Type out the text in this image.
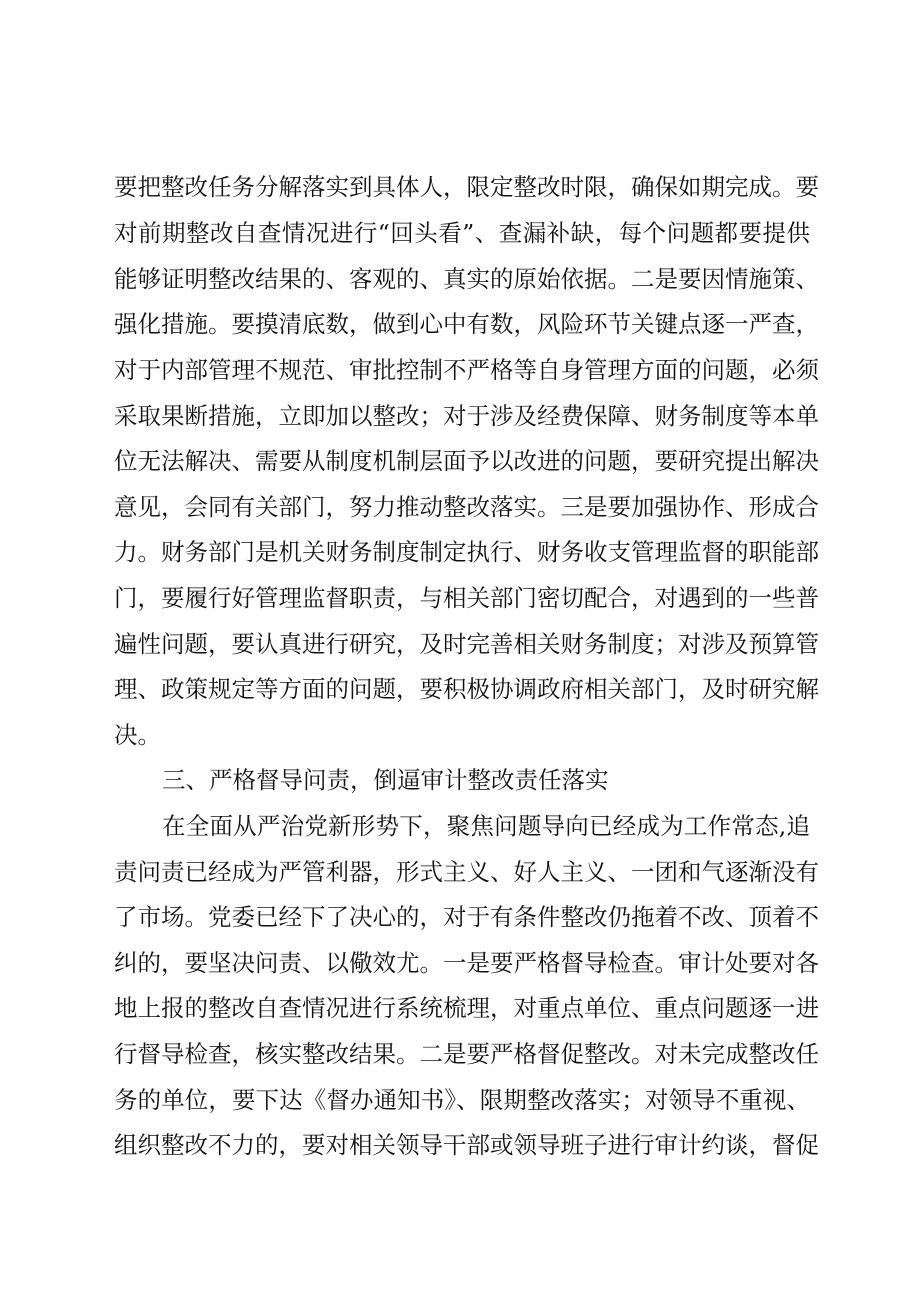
要把整改任务分解落实到具体人，限定整改时限，确保如期完成。要
对前期整改自查情况进行“回头看”、查漏补缺，每个问题都要提供
能够证明整改结果的、客观的、真实的原始依据。二是要因情施策、
强化措施。要摸清底数，做到心中有数，风险环节关键点逐一严查，
对于内部管理不规范、审批控制不严格等自身管理方面的问题，必须
采取果断措施，立即加以整改；对于涉及经费保障、财务制度等本单
位无法解决、需要从制度机制层面予以改进的问题，要研究提出解决
意见，会同有关部门，努力推动整改落实。三是要加强协作、形成合
力。财务部门是机关财务制度制定执行、财务收支管理监督的职能部
门，要履行好管理监督职责，与相关部门密切配合，对遇到的一些普
遍性问题，要认真进行研究，及时完善相关财务制度；对涉及预算管
理、政策规定等方面的问题，要积极协调政府相关部门，及时研究解
决。
三、严格督导问责，倒逼审计整改责任落实
在全面从严治党新形势下，聚焦问题导向已经成为工作常态,追
责问责已经成为严管利器，形式主义、好人主义、一团和气逐渐没有
了市场。党委已经下了决心的，对于有条件整改仍拖着不改、顶着不
纠的，要坚决问责、以儆效尤。一是要严格督导检查。审计处要对各
地上报的整改自查情况进行系统梳理，对重点单位、重点问题逐一进
行督导检查，核实整改结果。二是要严格督促整改。对未完成整改任
务的单位，要下达《督办通知书》、限期整改落实；对领导不重视、
组织整改不力的，要对相关领导干部或领导班子进行审计约谈，督促
